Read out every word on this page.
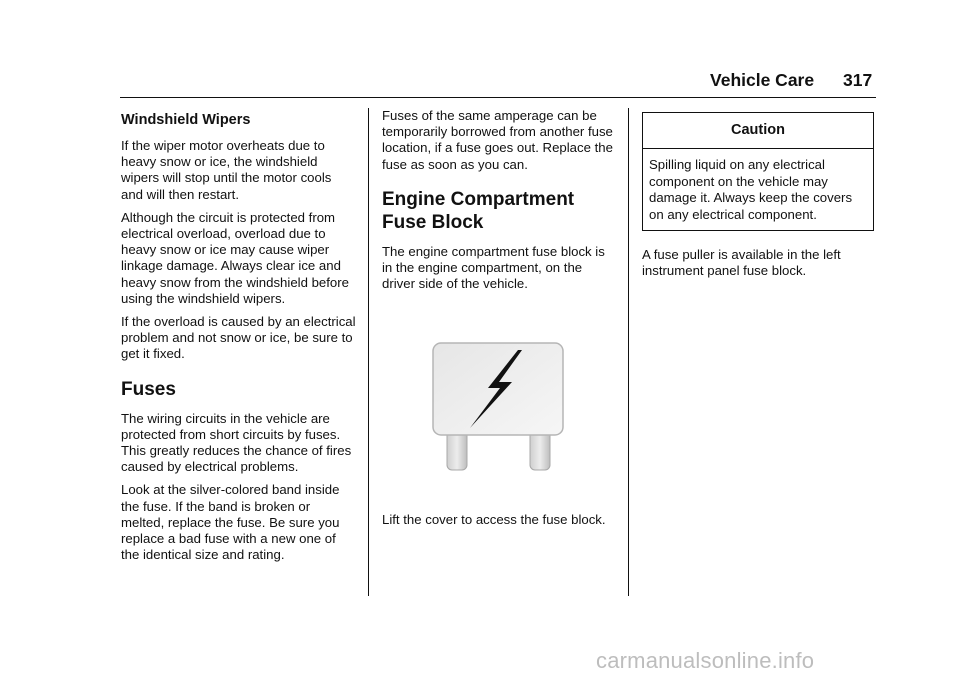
Vehicle Care 317
Windshield Wipers

If the wiper motor overheats due to heavy snow or ice, the windshield wipers will stop until the motor cools and will then restart.

Although the circuit is protected from electrical overload, overload due to heavy snow or ice may cause wiper linkage damage. Always clear ice and heavy snow from the windshield before using the windshield wipers.

If the overload is caused by an electrical problem and not snow or ice, be sure to get it fixed.

Fuses

The wiring circuits in the vehicle are protected from short circuits by fuses. This greatly reduces the chance of fires caused by electrical problems.

Look at the silver-colored band inside the fuse. If the band is broken or melted, replace the fuse. Be sure you replace a bad fuse with a new one of the identical size and rating.

Fuses of the same amperage can be temporarily borrowed from another fuse location, if a fuse goes out. Replace the fuse as soon as you can.

Engine Compartment Fuse Block

The engine compartment fuse block is in the engine compartment, on the driver side of the vehicle.

Lift the cover to access the fuse block.

Caution
Spilling liquid on any electrical component on the vehicle may damage it. Always keep the covers on any electrical component.

A fuse puller is available in the left instrument panel fuse block.

carmanualsonline.info
